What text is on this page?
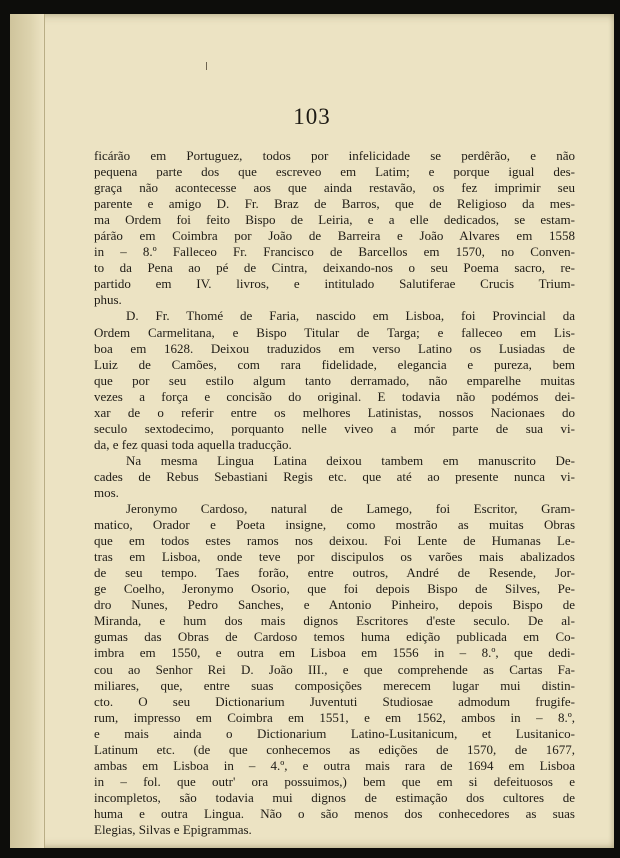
103

ficárão em Portuguez, todos por infelicidade se perdêrão, e não
pequena parte dos que escreveo em Latim; e porque igual des-
graça não acontecesse aos que ainda restavão, os fez imprimir seu
parente e amigo D. Fr. Braz de Barros, que de Religioso da mes-
ma Ordem foi feito Bispo de Leiria, e a elle dedicados, se estam-
párão em Coimbra por João de Barreira e João Alvares em 1558
in – 8.º Falleceo Fr. Francisco de Barcellos em 1570, no Conven-
to da Pena ao pé de Cintra, deixando-nos o seu Poema sacro, re-
partido em IV. livros, e intitulado Salutiferae Crucis Trium-
phus.

D. Fr. Thomé de Faria, nascido em Lisboa, foi Provincial da
Ordem Carmelitana, e Bispo Titular de Targa; e falleceo em Lis-
boa em 1628. Deixou traduzidos em verso Latino os Lusiadas de
Luiz de Camões, com rara fidelidade, elegancia e pureza, bem
que por seu estilo algum tanto derramado, não emparelhe muitas
vezes a força e concisão do original. E todavia não podémos dei-
xar de o referir entre os melhores Latinistas, nossos Nacionaes do
seculo sextodecimo, porquanto nelle viveo a mór parte de sua vi-
da, e fez quasi toda aquella traducção.

Na mesma Lingua Latina deixou tambem em manuscrito De-
cades de Rebus Sebastiani Regis etc. que até ao presente nunca vi-
mos.

Jeronymo Cardoso, natural de Lamego, foi Escritor, Gram-
matico, Orador e Poeta insigne, como mostrão as muitas Obras
que em todos estes ramos nos deixou. Foi Lente de Humanas Le-
tras em Lisboa, onde teve por discipulos os varões mais abalizados
de seu tempo. Taes forão, entre outros, André de Resende, Jor-
ge Coelho, Jeronymo Osorio, que foi depois Bispo de Silves, Pe-
dro Nunes, Pedro Sanches, e Antonio Pinheiro, depois Bispo de
Miranda, e hum dos mais dignos Escritores d'este seculo. De al-
gumas das Obras de Cardoso temos huma edição publicada em Co-
imbra em 1550, e outra em Lisboa em 1556 in – 8.º, que dedi-
cou ao Senhor Rei D. João III., e que comprehende as Cartas Fa-
miliares, que, entre suas composições merecem lugar mui distin-
cto. O seu Dictionarium Juventuti Studiosae admodum frugife-
rum, impresso em Coimbra em 1551, e em 1562, ambos in – 8.º,
e mais ainda o Dictionarium Latino-Lusitanicum, et Lusitanico-
Latinum etc. (de que conhecemos as edições de 1570, de 1677,
ambas em Lisboa in – 4.º, e outra mais rara de 1694 em Lisboa
in – fol. que outr' ora possuimos,) bem que em si defeituosos e
incompletos, são todavia mui dignos de estimação dos cultores de
huma e outra Lingua. Não o são menos dos conhecedores as suas
Elegias, Silvas e Epigrammas.
